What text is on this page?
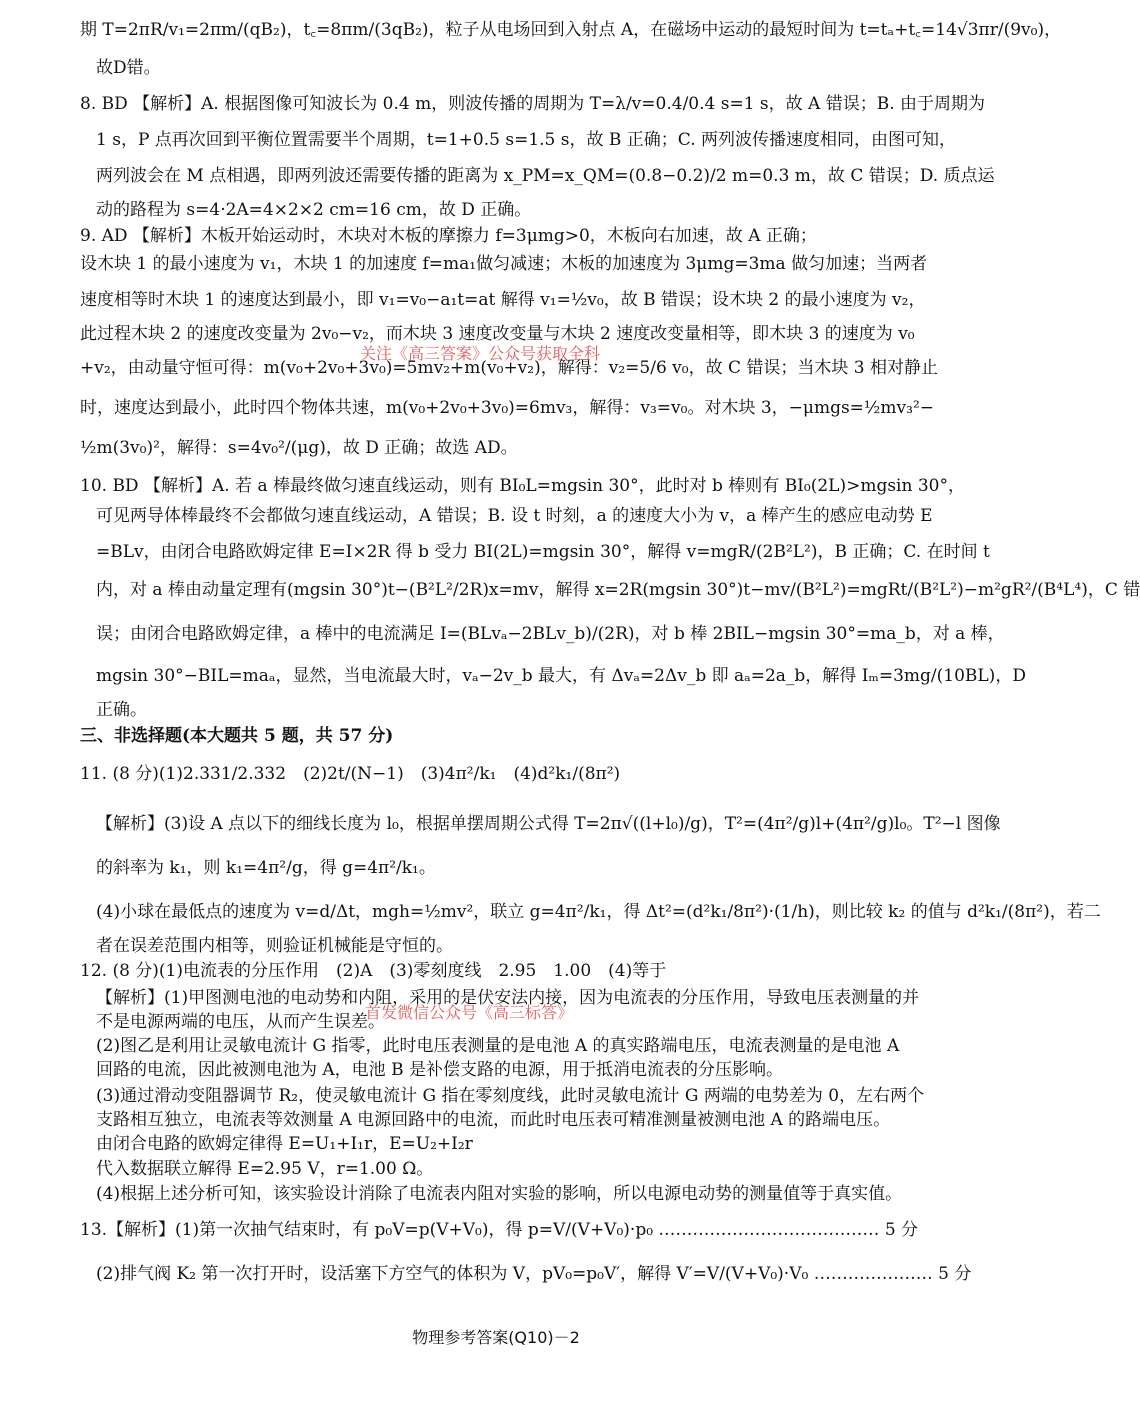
期 T=2πR/v₁=2πm/(qB₂)，t꜀=8πm/(3qB₂)，粒子从电场回到入射点 A，在磁场中运动的最短时间为 t=tₐ+t꜀=14√3πr/(9v₀)，
故D错。
8. BD 【解析】A. 根据图像可知波长为 0.4 m，则波传播的周期为 T=λ/v=0.4/0.4 s=1 s，故 A 错误；B. 由于周期为
1 s，P 点再次回到平衡位置需要半个周期，t=1+0.5 s=1.5 s，故 B 正确；C. 两列波传播速度相同，由图可知，
两列波会在 M 点相遇，即两列波还需要传播的距离为 x_PM=x_QM=(0.8−0.2)/2 m=0.3 m，故 C 错误；D. 质点运
动的路程为 s=4·2A=4×2×2 cm=16 cm，故 D 正确。
9. AD 【解析】木板开始运动时，木块对木板的摩擦力 f=3μmg>0，木板向右加速，故 A 正确；
设木块 1 的最小速度为 v₁，木块 1 的加速度 f=ma₁做匀减速；木板的加速度为 3μmg=3ma 做匀加速；当两者
速度相等时木块 1 的速度达到最小，即 v₁=v₀−a₁t=at 解得 v₁=½v₀，故 B 错误；设木块 2 的最小速度为 v₂，
此过程木块 2 的速度改变量为 2v₀−v₂，而木块 3 速度改变量与木块 2 速度改变量相等，即木块 3 的速度为 v₀
+v₂，由动量守恒可得：m(v₀+2v₀+3v₀)=5mv₂+m(v₀+v₂)，解得：v₂=5/6 v₀，故 C 错误；当木块 3 相对静止
时，速度达到最小，此时四个物体共速，m(v₀+2v₀+3v₀)=6mv₃，解得：v₃=v₀。对木块 3，−μmgs=½mv₃²−
½m(3v₀)²，解得：s=4v₀²/(μg)，故 D 正确；故选 AD。
10. BD 【解析】A. 若 a 棒最终做匀速直线运动，则有 BI₀L=mgsin 30°，此时对 b 棒则有 BI₀(2L)>mgsin 30°，
可见两导体棒最终不会都做匀速直线运动，A 错误；B. 设 t 时刻，a 的速度大小为 v，a 棒产生的感应电动势 E
=BLv，由闭合电路欧姆定律 E=I×2R 得 b 受力 BI(2L)=mgsin 30°，解得 v=mgR/(2B²L²)，B 正确；C. 在时间 t
内，对 a 棒由动量定理有(mgsin 30°)t−(B²L²/2R)x=mv，解得 x=2R(mgsin 30°)t−mv/(B²L²)=mgRt/(B²L²)−m²gR²/(B⁴L⁴)，C 错
误；由闭合电路欧姆定律，a 棒中的电流满足 I=(BLvₐ−2BLv_b)/(2R)，对 b 棒 2BIL−mgsin 30°=ma_b，对 a 棒，
mgsin 30°−BIL=maₐ，显然，当电流最大时，vₐ−2v_b 最大，有 Δvₐ=2Δv_b 即 aₐ=2a_b，解得 Iₘ=3mg/(10BL)，D
正确。
三、非选择题(本大题共 5 题，共 57 分)
11. (8 分)(1)2.331/2.332　(2)2t/(N−1)　(3)4π²/k₁　(4)d²k₁/(8π²)
【解析】(3)设 A 点以下的细线长度为 l₀，根据单摆周期公式得 T=2π√((l+l₀)/g)，T²=(4π²/g)l+(4π²/g)l₀。T²−l 图像
的斜率为 k₁，则 k₁=4π²/g，得 g=4π²/k₁。
(4)小球在最低点的速度为 v=d/Δt，mgh=½mv²，联立 g=4π²/k₁，得 Δt²=(d²k₁/8π²)·(1/h)，则比较 k₂ 的值与 d²k₁/(8π²)，若二
者在误差范围内相等，则验证机械能是守恒的。
12. (8 分)(1)电流表的分压作用　(2)A　(3)零刻度线　2.95　1.00　(4)等于
【解析】(1)甲图测电池的电动势和内阻，采用的是伏安法内接，因为电流表的分压作用，导致电压表测量的并
不是电源两端的电压，从而产生误差。
(2)图乙是利用让灵敏电流计 G 指零，此时电压表测量的是电池 A 的真实路端电压，电流表测量的是电池 A
回路的电流，因此被测电池为 A，电池 B 是补偿支路的电源，用于抵消电流表的分压影响。
(3)通过滑动变阻器调节 R₂，使灵敏电流计 G 指在零刻度线，此时灵敏电流计 G 两端的电势差为 0，左右两个
支路相互独立，电流表等效测量 A 电源回路中的电流，而此时电压表可精准测量被测电池 A 的路端电压。
由闭合电路的欧姆定律得 E=U₁+I₁r，E=U₂+I₂r
代入数据联立解得 E=2.95 V，r=1.00 Ω。
(4)根据上述分析可知，该实验设计消除了电流表内阻对实验的影响，所以电源电动势的测量值等于真实值。
13.【解析】(1)第一次抽气结束时，有 p₀V=p(V+V₀)，得 p=V/(V+V₀)·p₀ ………………………………… 5 分
(2)排气阀 K₂ 第一次打开时，设活塞下方空气的体积为 V，pV₀=p₀V′，解得 V′=V/(V+V₀)·V₀ ………………… 5 分
关注《高三答案》公众号获取全科
首发微信公众号《高三标答》
物理参考答案(Q10)－2
